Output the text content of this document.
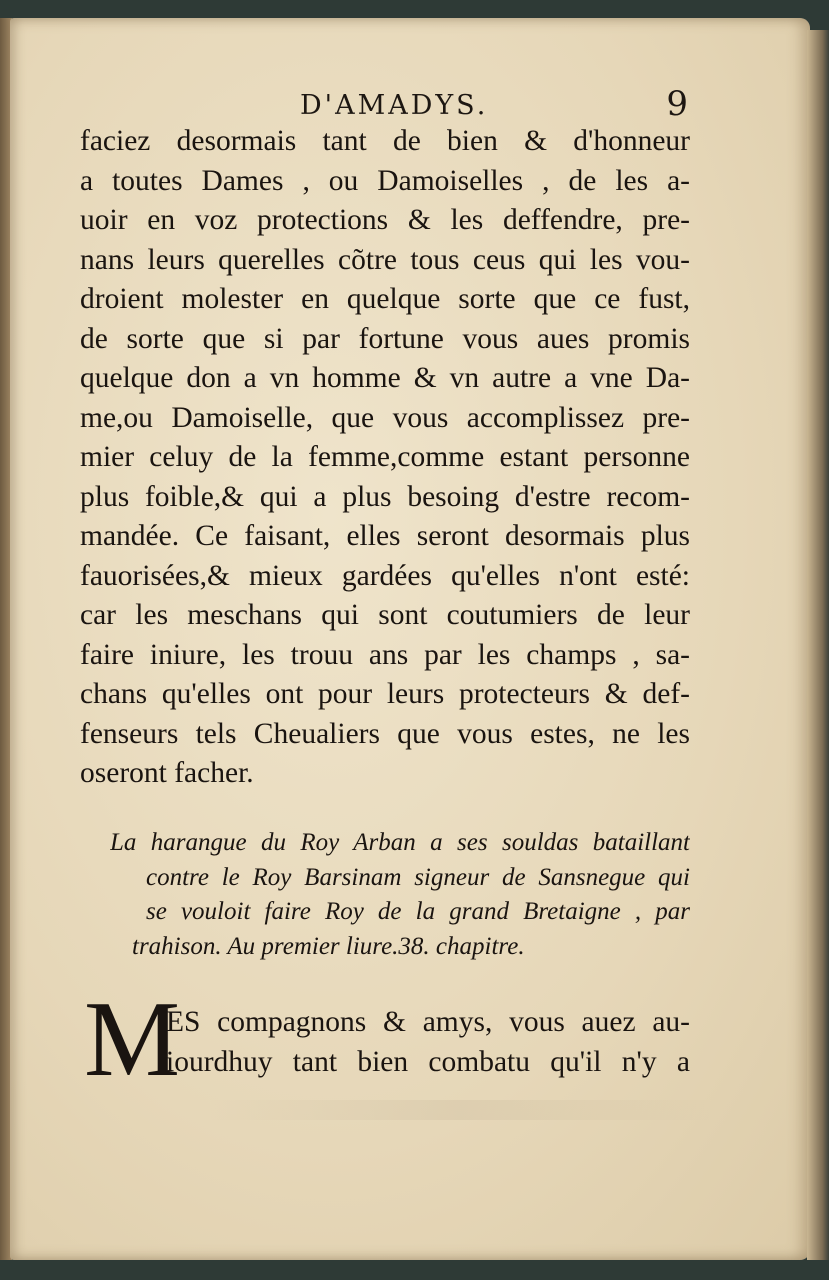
D'AMADYS.	9
faciez desormais tant de bien & d'honneur
a toutes Dames , ou Damoiselles , de les a-
uoir en voz protections & les deffendre, pre-
nans leurs querelles cõtre tous ceus qui les vou-
droient molester en quelque sorte que ce fust,
de sorte que si par fortune vous aues promis
quelque don a vn homme & vn autre a vne Da-
me,ou Damoiselle, que vous accomplissez pre-
mier celuy de la femme,comme estant personne
plus foible,& qui a plus besoing d'estre recom-
mandée. Ce faisant, elles seront desormais plus
fauorisées,& mieux gardées qu'elles n'ont esté:
car les meschans qui sont coutumiers de leur
faire iniure, les trouu ans par les champs , sa-
chans qu'elles ont pour leurs protecteurs & def-
fenseurs tels Cheualiers que vous estes, ne les
oseront facher.
La harangue du Roy Arban a ses souldas bataillant
contre le Roy Barsinam signeur de Sansnegue qui
se vouloit faire Roy de la grand Bretaigne , par
trahison. Au premier liure.38. chapitre.
M
ES compagnons & amys, vous auez au-
iourdhuy tant bien combatu qu'il n'y a
